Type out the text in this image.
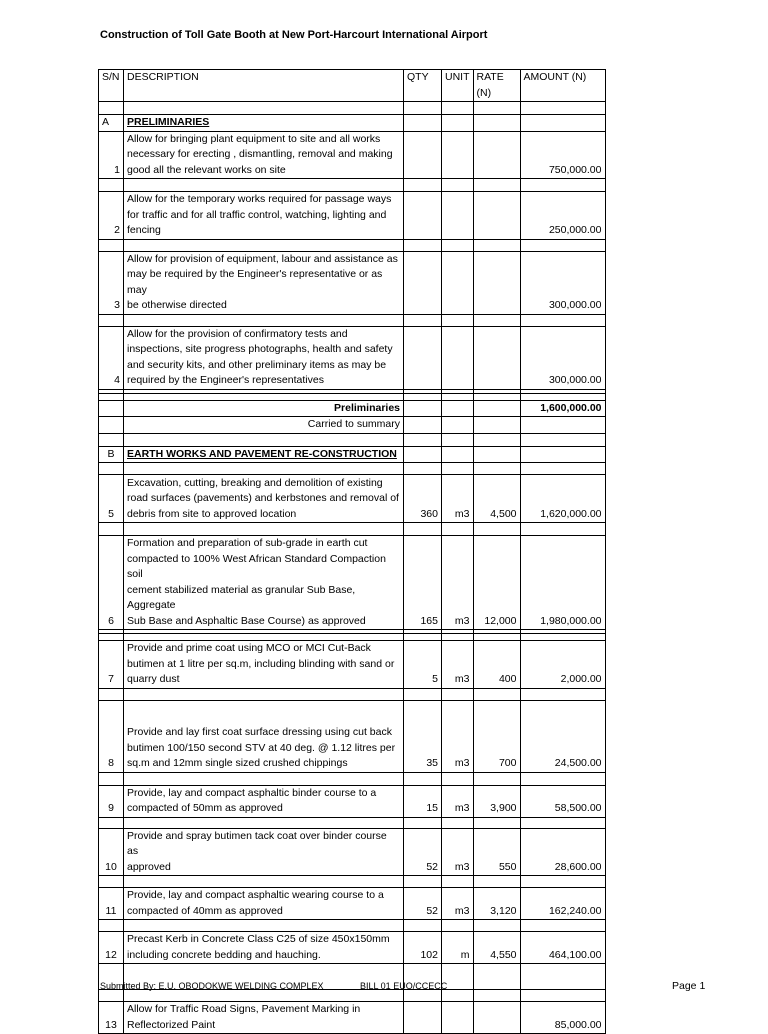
Construction of Toll Gate Booth at New Port-Harcourt International Airport
S/N	DESCRIPTION	QTY	UNIT	RATE (N)	AMOUNT (N)

A	PRELIMINARIES				
1	Allow for bringing plant equipment to site and all works
necessary for erecting , dismantling, removal and making
good all the relevant works on site				750,000.00

2	Allow for the temporary works required for passage ways
for traffic and for all traffic control, watching, lighting and
fencing				250,000.00

3	Allow for provision of equipment, labour and assistance as
may be required by the Engineer's representative or as may
be otherwise directed				300,000.00

4	Allow for the provision of confirmatory tests and
inspections, site progress photographs, health and safety
and security kits, and other preliminary items as may be
required by the Engineer's representatives				300,000.00

	Preliminaries				1,600,000.00
	Carried to summary				

B	EARTH WORKS AND PAVEMENT RE-CONSTRUCTION				

5	Excavation, cutting, breaking and demolition of existing
road surfaces (pavements) and kerbstones and removal of
debris from site to approved location	360	m3	4,500	1,620,000.00

6	Formation and preparation of sub-grade in earth cut
compacted to 100% West African Standard Compaction soil
cement stabilized material as granular Sub Base, Aggregate
Sub Base and Asphaltic Base Course) as approved	165	m3	12,000	1,980,000.00

7	Provide and prime coat using MCO or MCI Cut-Back
butimen at 1 litre per sq.m, including blinding with sand or
quarry dust	5	m3	400	2,000.00

8	Provide and lay first coat surface dressing using cut back
butimen 100/150 second STV at 40 deg. @ 1.12 litres per
sq.m and 12mm single sized crushed chippings	35	m3	700	24,500.00

9	Provide, lay and compact asphaltic binder course to a
compacted of 50mm as approved	15	m3	3,900	58,500.00

10	Provide and spray butimen tack coat over binder course as
approved	52	m3	550	28,600.00

11	Provide, lay and compact asphaltic wearing course to a
compacted of 40mm as approved	52	m3	3,120	162,240.00

12	Precast Kerb in Concrete Class C25 of size 450x150mm
including concrete bedding and hauching.	102	m	4,550	464,100.00

13	Allow for Traffic Road Signs, Pavement Marking in
Reflectorized Paint				85,000.00
Submitted By: E.U. OBODOKWE WELDING COMPLEX	BILL 01 EUO/CCECC	Page 1
